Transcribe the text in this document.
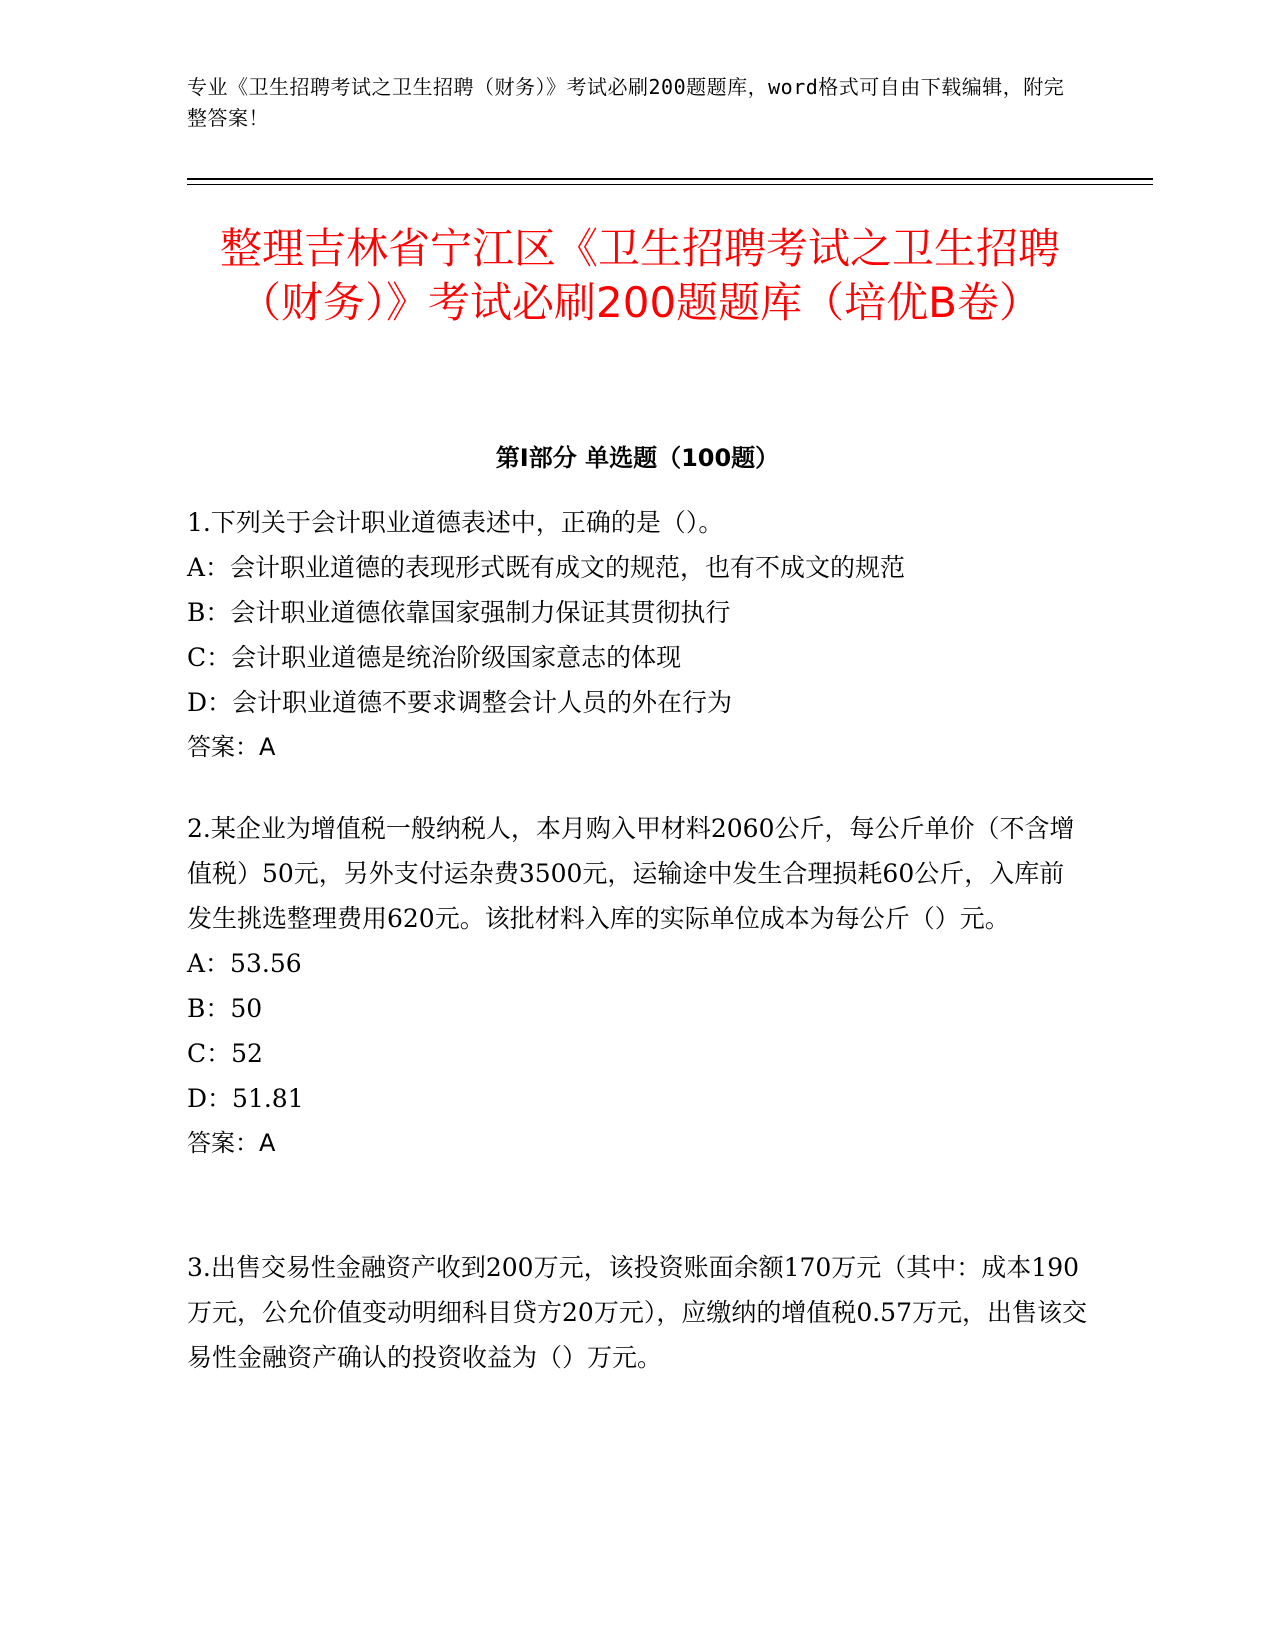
专业《卫生招聘考试之卫生招聘（财务）》考试必刷200题题库，word格式可自由下载编辑，附完整答案！

整理吉林省宁江区《卫生招聘考试之卫生招聘（财务）》考试必刷200题题库（培优B卷）
第I部分 单选题（100题）

1.下列关于会计职业道德表述中，正确的是（）。

A：会计职业道德的表现形式既有成文的规范，也有不成文的规范

B：会计职业道德依靠国家强制力保证其贯彻执行

C：会计职业道德是统治阶级国家意志的体现

D：会计职业道德不要求调整会计人员的外在行为

答案：A

2.某企业为增值税一般纳税人，本月购入甲材料2060公斤，每公斤单价（不含增值税）50元，另外支付运杂费3500元，运输途中发生合理损耗60公斤，入库前发生挑选整理费用620元。该批材料入库的实际单位成本为每公斤（）元。

A：53.56

B：50

C：52

D：51.81

答案：A

3.出售交易性金融资产收到200万元，该投资账面余额170万元（其中：成本190万元，公允价值变动明细科目贷方20万元），应缴纳的增值税0.57万元，出售该交易性金融资产确认的投资收益为（）万元。
